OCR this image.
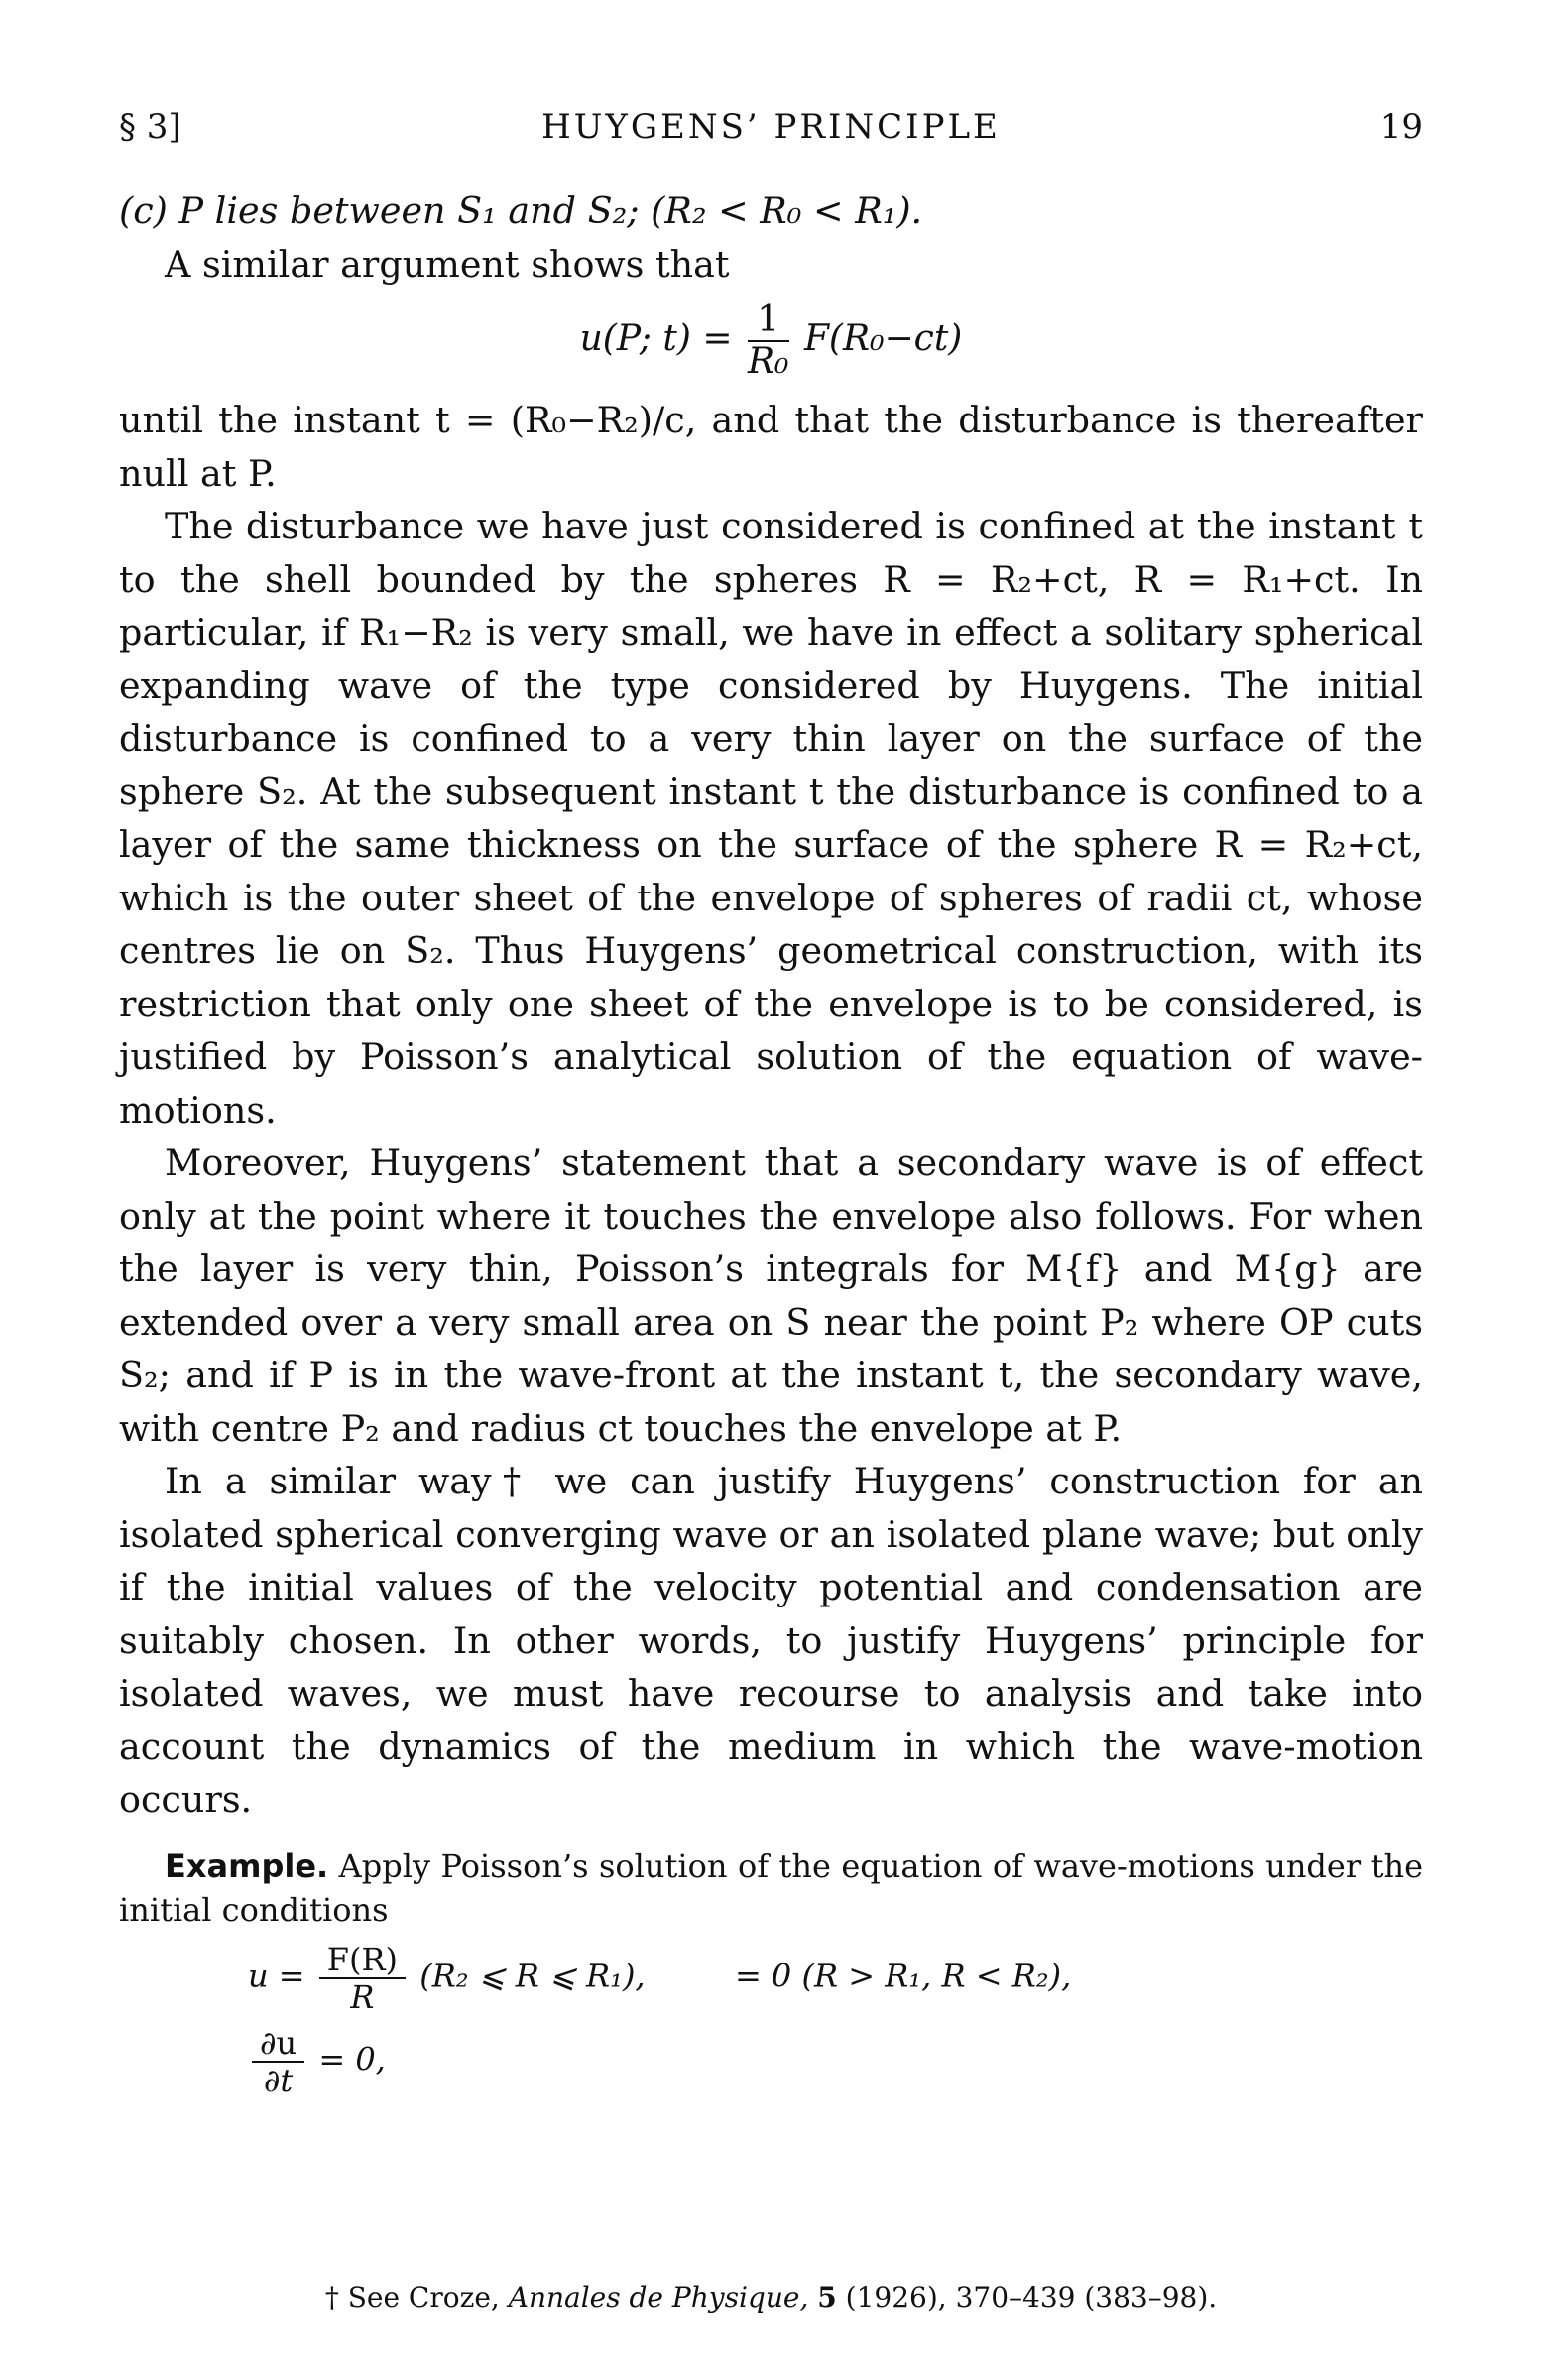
§ 3]	HUYGENS’ PRINCIPLE	19

(c) P lies between S₁ and S₂; (R₂ < R₀ < R₁).

A similar argument shows that

u(P; $t) = \frac{1}{\text{R₀}} F(R_0-ct)$

until the instant t = (R₀−R₂)/c, and that the disturbance is thereafter null at P.

The disturbance we have just considered is confined at the instant t to the shell bounded by the spheres R = R₂+ct, R = R₁+ct. In particular, if R₁−R₂ is very small, we have in effect a solitary spherical expanding wave of the type considered by Huygens. The initial disturbance is confined to a very thin layer on the surface of the sphere S₂. At the subsequent instant t the disturbance is confined to a layer of the same thickness on the surface of the sphere R = R₂+ct, which is the outer sheet of the envelope of spheres of radii ct, whose centres lie on S₂. Thus Huygens’ geometrical construction, with its restriction that only one sheet of the envelope is to be considered, is justified by Poisson’s analytical solution of the equation of wave-motions.

Moreover, Huygens’ statement that a secondary wave is of effect only at the point where it touches the envelope also follows. For when the layer is very thin, Poisson’s integrals for M{f} and M{g} are extended over a very small area on S near the point P₂ where OP cuts S₂; and if P is in the wave-front at the instant t, the secondary wave, with centre P₂ and radius ct touches the envelope at P.

In a similar way† we can justify Huygens’ construction for an isolated spherical converging wave or an isolated plane wave; but only if the initial values of the velocity potential and condensation are suitably chosen. In other words, to justify Huygens’ principle for isolated waves, we must have recourse to analysis and take into account the dynamics of the medium in which the wave-motion occurs.

Example. Apply Poisson’s solution of the equation of wave-motions under the initial conditions

$u = \frac{F(R)}{R} (R_2$ ⩽ R ⩽ R₁),	= 0 (R > R₁, R < R₂),
$\frac{\partial u}{\partial t} = 0$,
† See Croze, Annales de Physique, 5 (1926), 370–439 (383–98).
